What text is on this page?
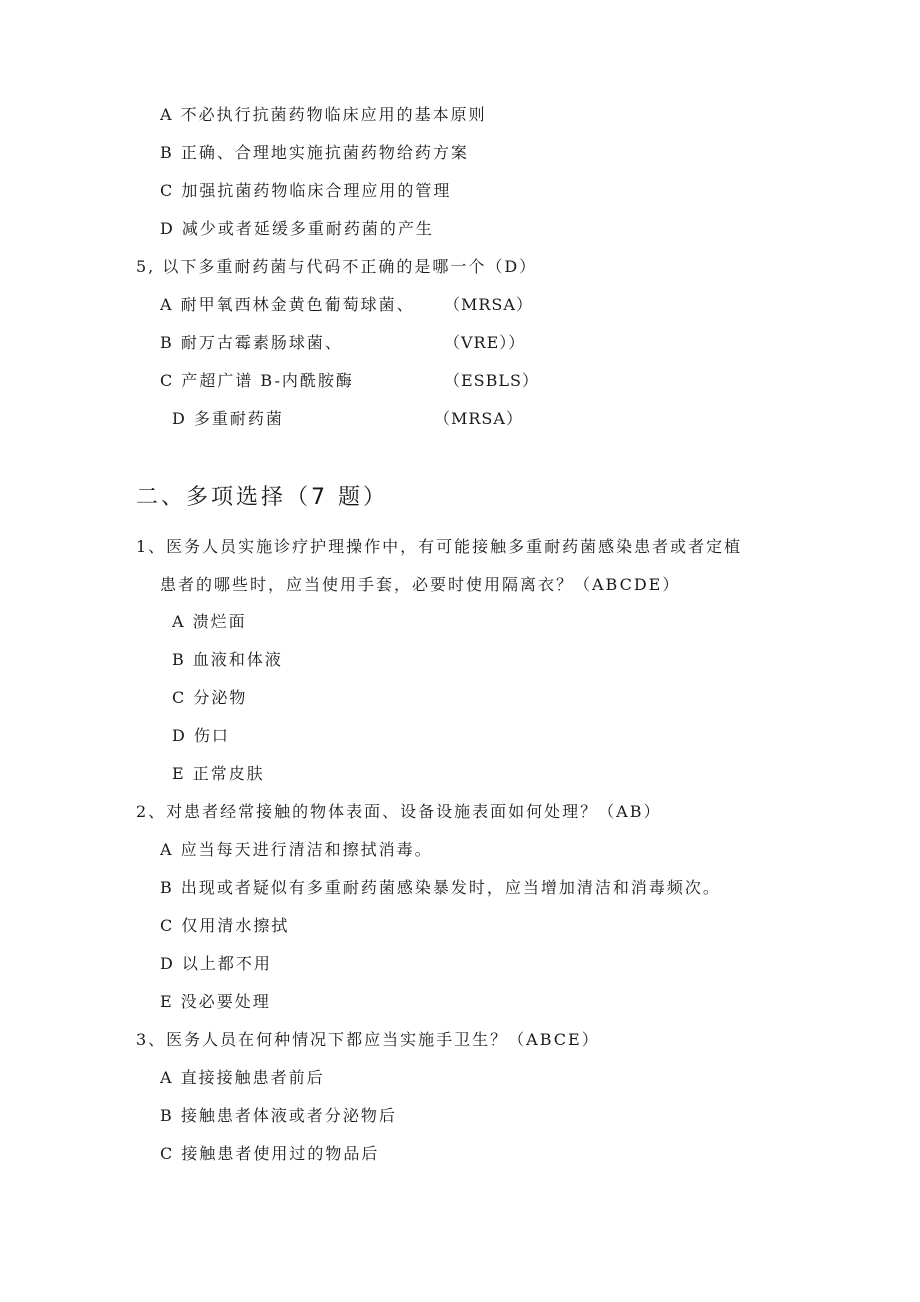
A 不必执行抗菌药物临床应用的基本原则
B 正确、合理地实施抗菌药物给药方案
C 加强抗菌药物临床合理应用的管理
D 减少或者延缓多重耐药菌的产生
5, 以下多重耐药菌与代码不正确的是哪一个（D）
A 耐甲氧西林金黄色葡萄球菌、 （MRSA）
B 耐万古霉素肠球菌、	（VRE））
C 产超广谱 B-内酰胺酶	（ESBLS）
D 多重耐药菌	（MRSA）
二、多项选择（7 题）
1、医务人员实施诊疗护理操作中，有可能接触多重耐药菌感染患者或者定植
患者的哪些时，应当使用手套，必要时使用隔离衣？（ABCDE）
A 溃烂面
B 血液和体液
C 分泌物
D 伤口
E 正常皮肤
2、对患者经常接触的物体表面、设备设施表面如何处理？（AB）
A 应当每天进行清洁和擦拭消毒。
B 出现或者疑似有多重耐药菌感染暴发时，应当增加清洁和消毒频次。
C 仅用清水擦拭
D 以上都不用
E 没必要处理
3、医务人员在何种情况下都应当实施手卫生？（ABCE）
A 直接接触患者前后
B 接触患者体液或者分泌物后
C 接触患者使用过的物品后
